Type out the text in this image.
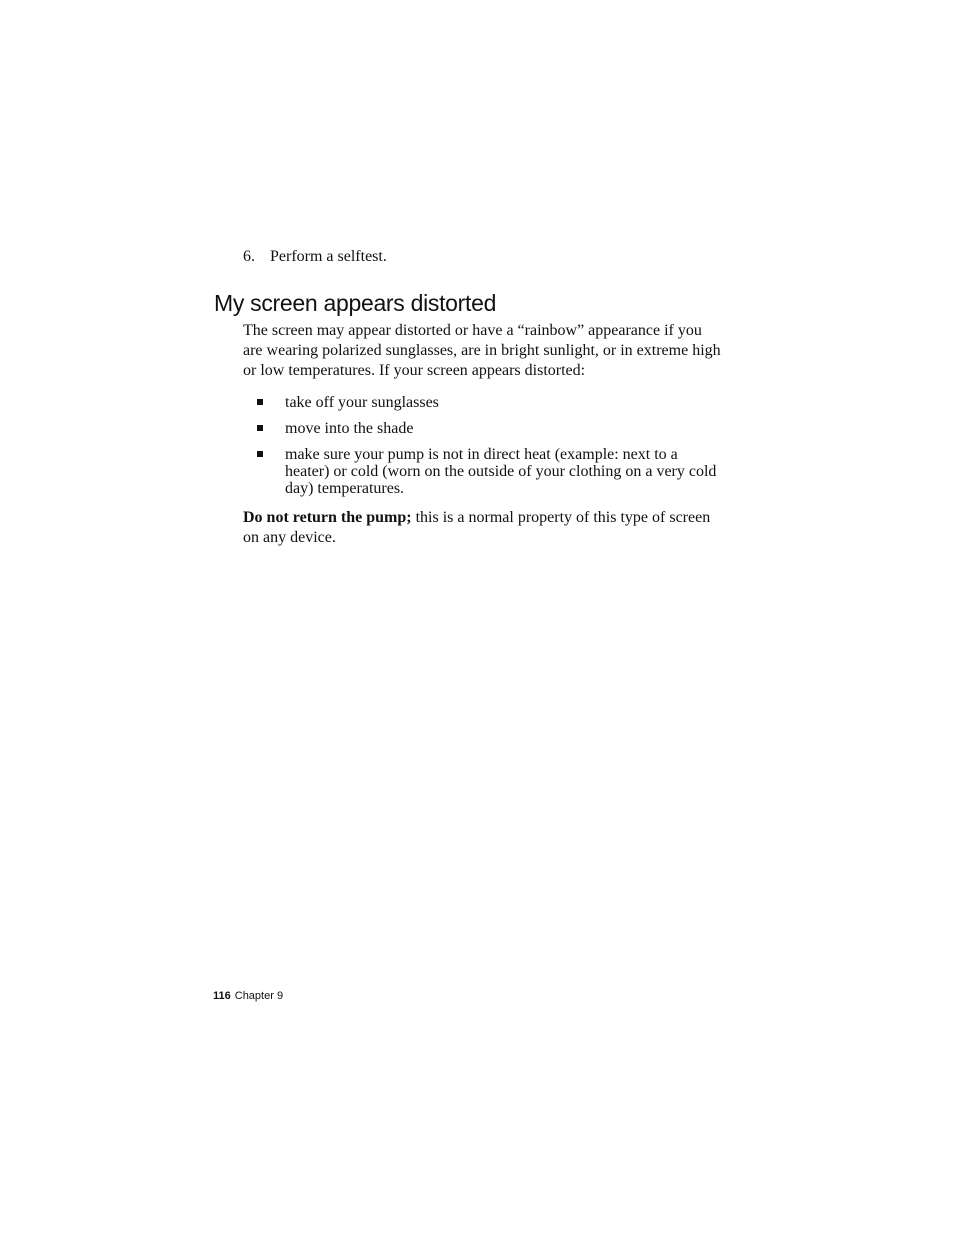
6. Perform a selftest.
My screen appears distorted

The screen may appear distorted or have a “rainbow” appearance if you are wearing polarized sunglasses, are in bright sunlight, or in extreme high or low temperatures. If your screen appears distorted:

take off your sunglasses
move into the shade
make sure your pump is not in direct heat (example: next to a heater) or cold (worn on the outside of your clothing on a very cold day) temperatures.

Do not return the pump; this is a normal property of this type of screen on any device.

116 Chapter 9
